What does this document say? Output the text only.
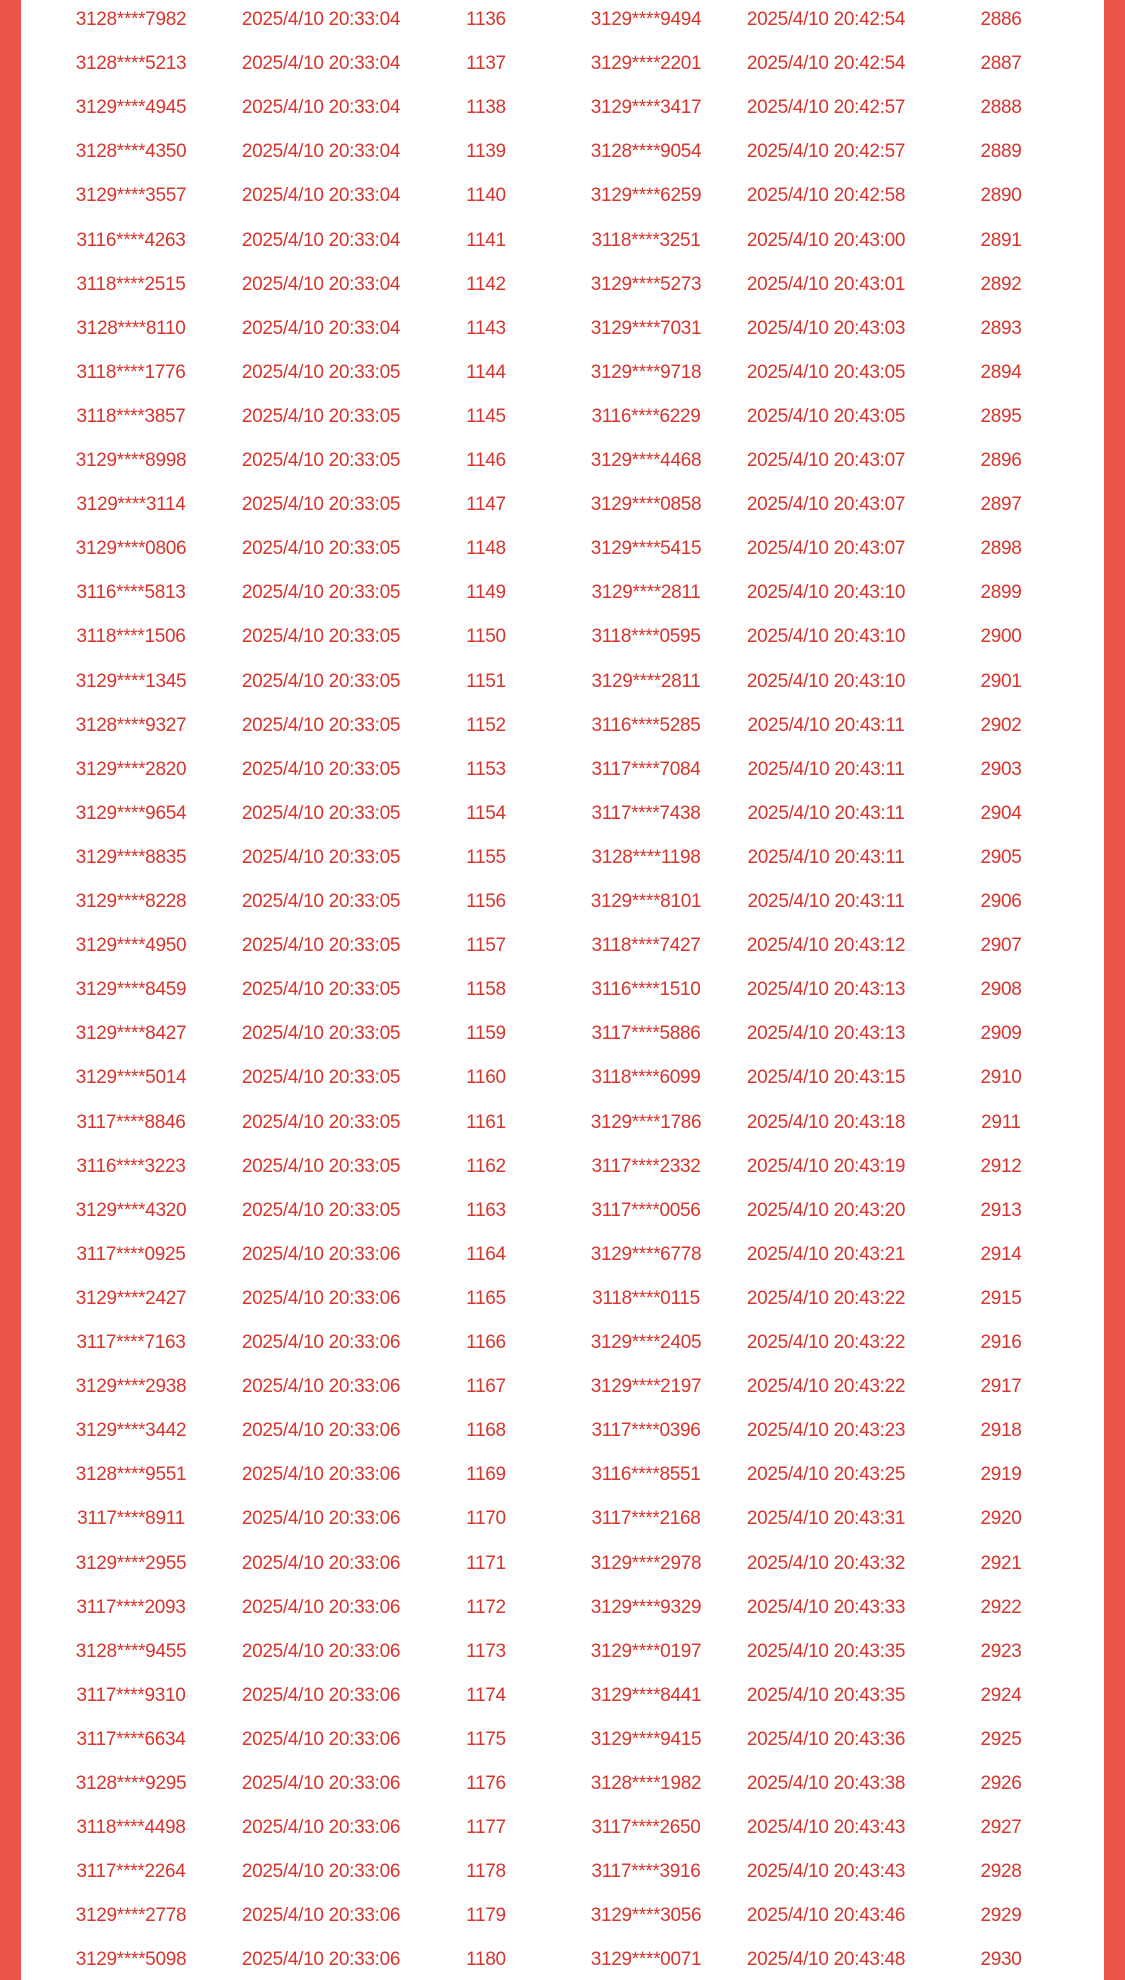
3128****7982	2025/4/10 20:33:04	1136	3129****9494	2025/4/10 20:42:54	2886
3128****5213	2025/4/10 20:33:04	1137	3129****2201	2025/4/10 20:42:54	2887
3129****4945	2025/4/10 20:33:04	1138	3129****3417	2025/4/10 20:42:57	2888
3128****4350	2025/4/10 20:33:04	1139	3128****9054	2025/4/10 20:42:57	2889
3129****3557	2025/4/10 20:33:04	1140	3129****6259	2025/4/10 20:42:58	2890
3116****4263	2025/4/10 20:33:04	1141	3118****3251	2025/4/10 20:43:00	2891
3118****2515	2025/4/10 20:33:04	1142	3129****5273	2025/4/10 20:43:01	2892
3128****8110	2025/4/10 20:33:04	1143	3129****7031	2025/4/10 20:43:03	2893
3118****1776	2025/4/10 20:33:05	1144	3129****9718	2025/4/10 20:43:05	2894
3118****3857	2025/4/10 20:33:05	1145	3116****6229	2025/4/10 20:43:05	2895
3129****8998	2025/4/10 20:33:05	1146	3129****4468	2025/4/10 20:43:07	2896
3129****3114	2025/4/10 20:33:05	1147	3129****0858	2025/4/10 20:43:07	2897
3129****0806	2025/4/10 20:33:05	1148	3129****5415	2025/4/10 20:43:07	2898
3116****5813	2025/4/10 20:33:05	1149	3129****2811	2025/4/10 20:43:10	2899
3118****1506	2025/4/10 20:33:05	1150	3118****0595	2025/4/10 20:43:10	2900
3129****1345	2025/4/10 20:33:05	1151	3129****2811	2025/4/10 20:43:10	2901
3128****9327	2025/4/10 20:33:05	1152	3116****5285	2025/4/10 20:43:11	2902
3129****2820	2025/4/10 20:33:05	1153	3117****7084	2025/4/10 20:43:11	2903
3129****9654	2025/4/10 20:33:05	1154	3117****7438	2025/4/10 20:43:11	2904
3129****8835	2025/4/10 20:33:05	1155	3128****1198	2025/4/10 20:43:11	2905
3129****8228	2025/4/10 20:33:05	1156	3129****8101	2025/4/10 20:43:11	2906
3129****4950	2025/4/10 20:33:05	1157	3118****7427	2025/4/10 20:43:12	2907
3129****8459	2025/4/10 20:33:05	1158	3116****1510	2025/4/10 20:43:13	2908
3129****8427	2025/4/10 20:33:05	1159	3117****5886	2025/4/10 20:43:13	2909
3129****5014	2025/4/10 20:33:05	1160	3118****6099	2025/4/10 20:43:15	2910
3117****8846	2025/4/10 20:33:05	1161	3129****1786	2025/4/10 20:43:18	2911
3116****3223	2025/4/10 20:33:05	1162	3117****2332	2025/4/10 20:43:19	2912
3129****4320	2025/4/10 20:33:05	1163	3117****0056	2025/4/10 20:43:20	2913
3117****0925	2025/4/10 20:33:06	1164	3129****6778	2025/4/10 20:43:21	2914
3129****2427	2025/4/10 20:33:06	1165	3118****0115	2025/4/10 20:43:22	2915
3117****7163	2025/4/10 20:33:06	1166	3129****2405	2025/4/10 20:43:22	2916
3129****2938	2025/4/10 20:33:06	1167	3129****2197	2025/4/10 20:43:22	2917
3129****3442	2025/4/10 20:33:06	1168	3117****0396	2025/4/10 20:43:23	2918
3128****9551	2025/4/10 20:33:06	1169	3116****8551	2025/4/10 20:43:25	2919
3117****8911	2025/4/10 20:33:06	1170	3117****2168	2025/4/10 20:43:31	2920
3129****2955	2025/4/10 20:33:06	1171	3129****2978	2025/4/10 20:43:32	2921
3117****2093	2025/4/10 20:33:06	1172	3129****9329	2025/4/10 20:43:33	2922
3128****9455	2025/4/10 20:33:06	1173	3129****0197	2025/4/10 20:43:35	2923
3117****9310	2025/4/10 20:33:06	1174	3129****8441	2025/4/10 20:43:35	2924
3117****6634	2025/4/10 20:33:06	1175	3129****9415	2025/4/10 20:43:36	2925
3128****9295	2025/4/10 20:33:06	1176	3128****1982	2025/4/10 20:43:38	2926
3118****4498	2025/4/10 20:33:06	1177	3117****2650	2025/4/10 20:43:43	2927
3117****2264	2025/4/10 20:33:06	1178	3117****3916	2025/4/10 20:43:43	2928
3129****2778	2025/4/10 20:33:06	1179	3129****3056	2025/4/10 20:43:46	2929
3129****5098	2025/4/10 20:33:06	1180	3129****0071	2025/4/10 20:43:48	2930
